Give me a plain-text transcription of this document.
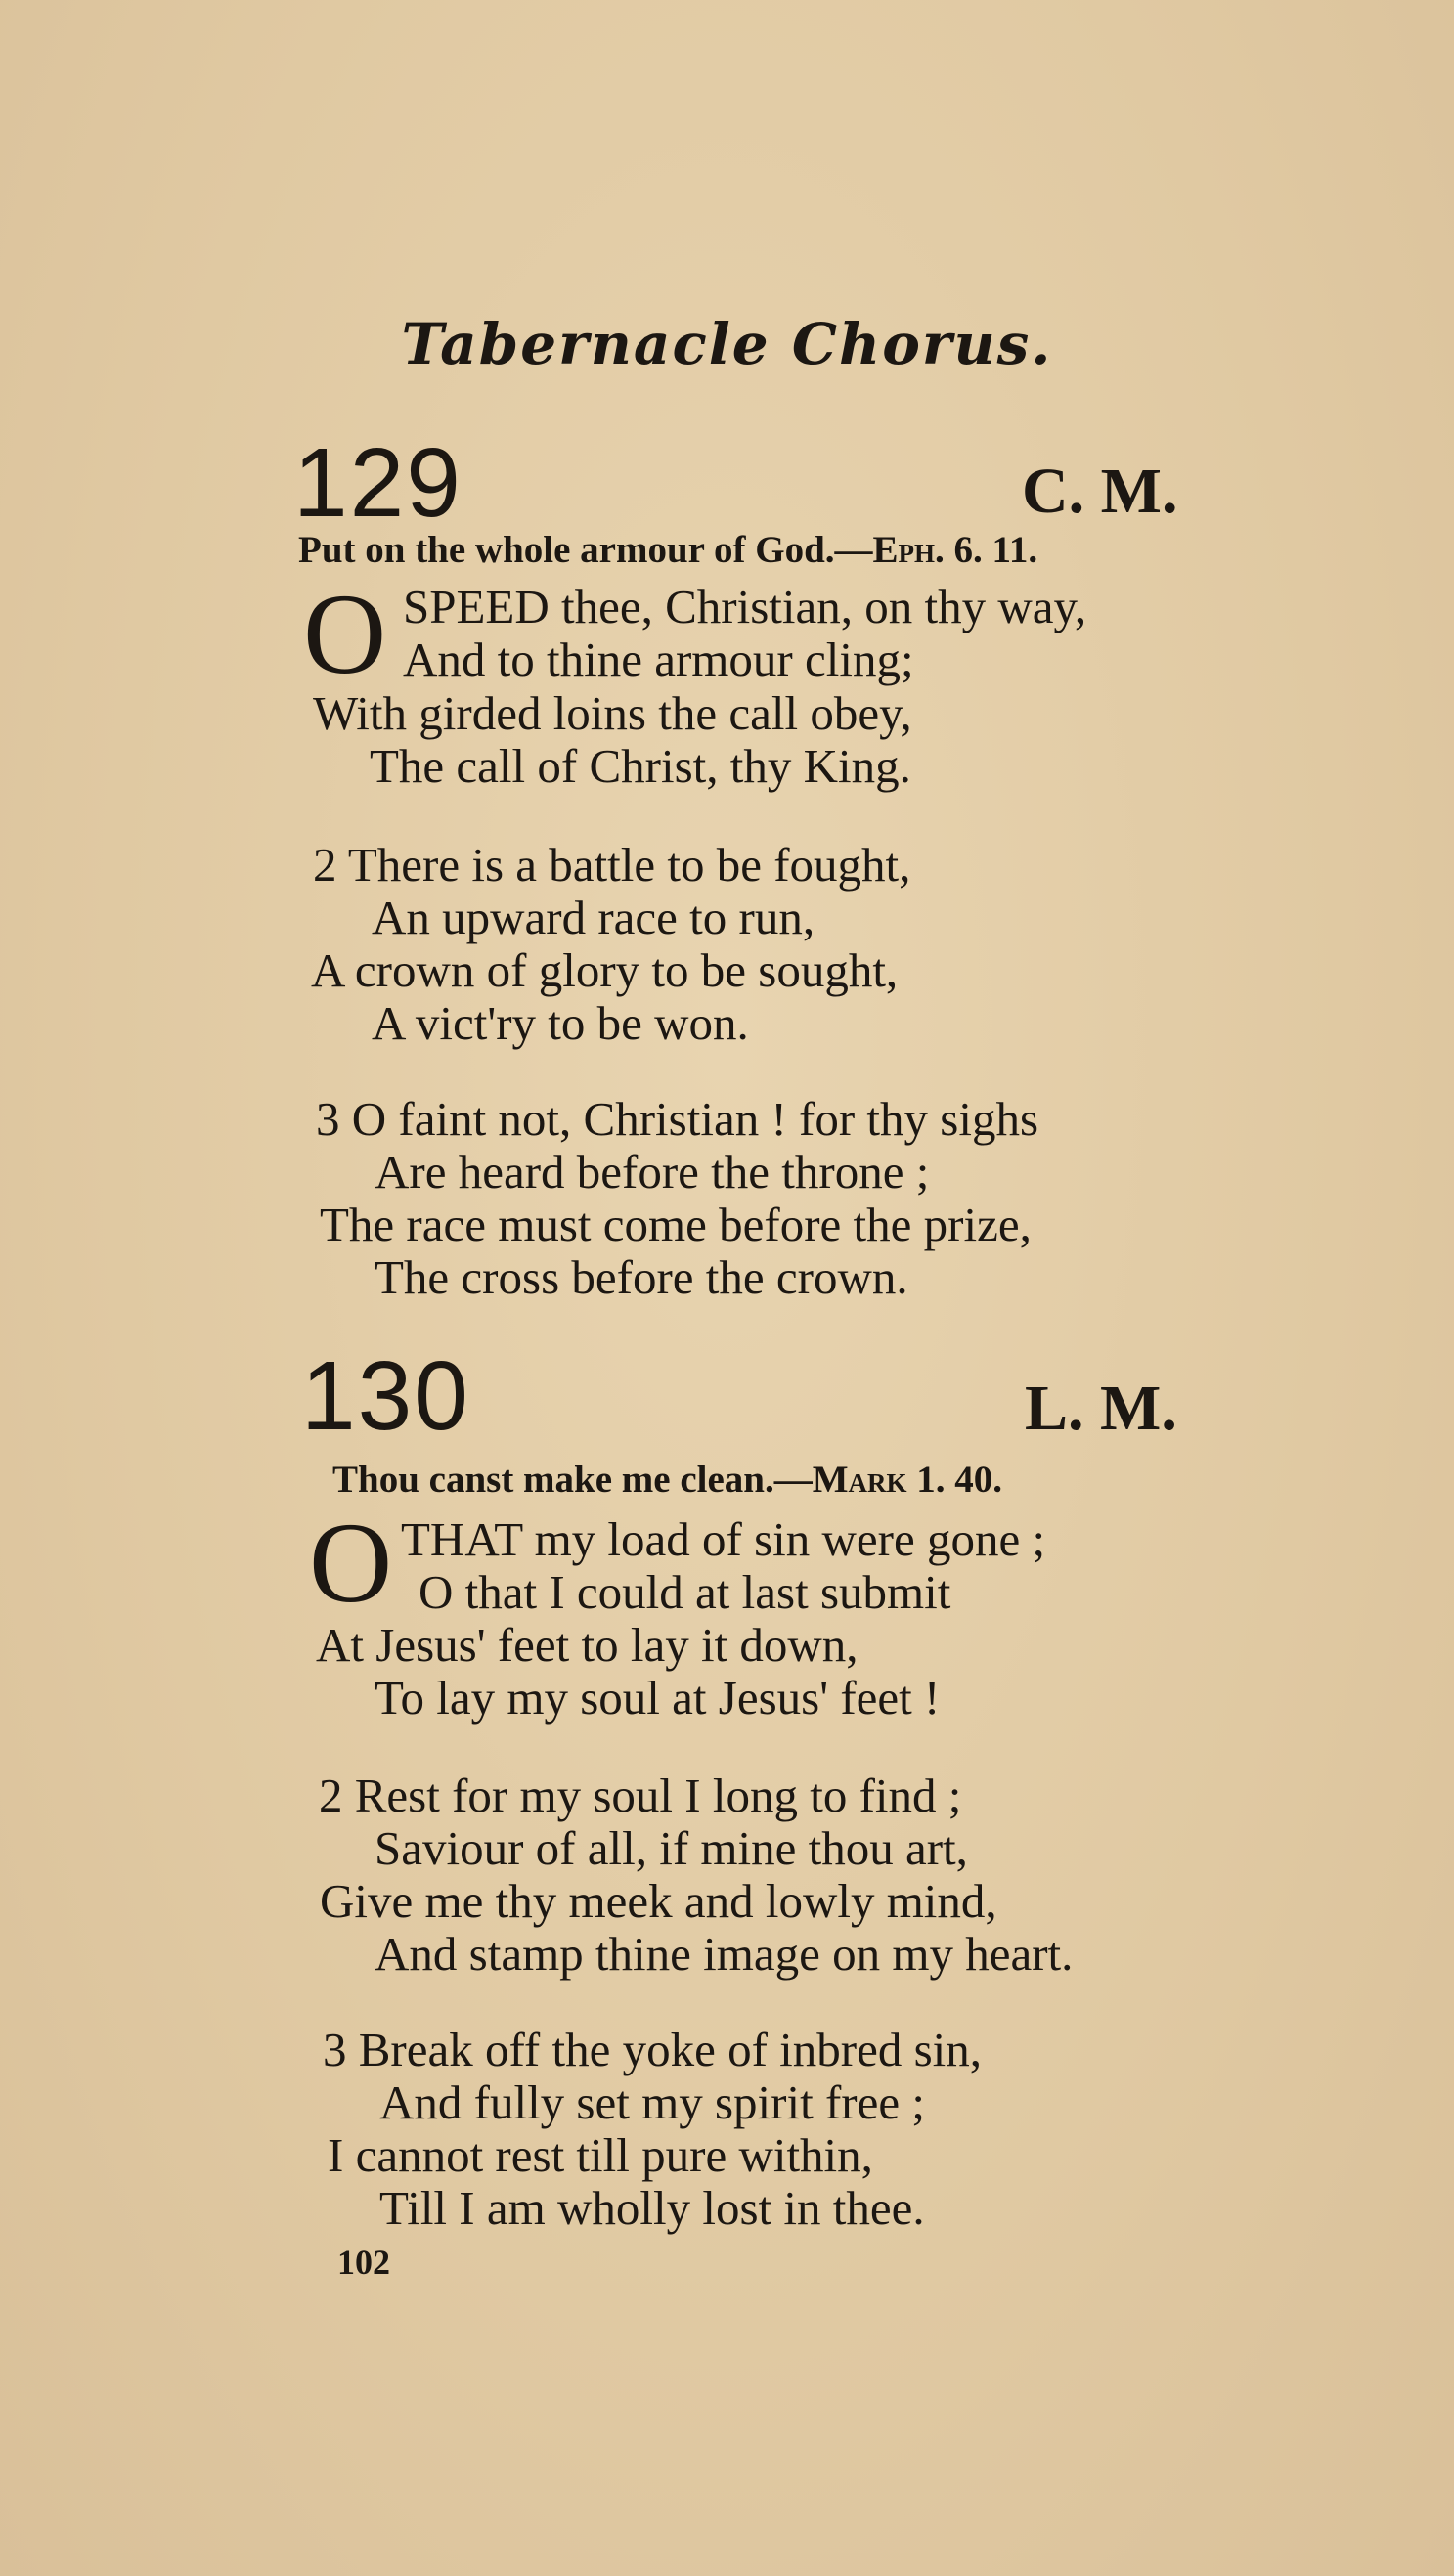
Tabernacle Chorus.
129	C. M.
Put on the whole armour of God.—Eph. 6. 11.
O SPEED thee, Christian, on thy way,
And to thine armour cling;
With girded loins the call obey,
The call of Christ, thy King.
2 There is a battle to be fought,
An upward race to run,
A crown of glory to be sought,
A vict'ry to be won.
3 O faint not, Christian ! for thy sighs
Are heard before the throne ;
The race must come before the prize,
The cross before the crown.
130	L. M.
Thou canst make me clean.—Mark 1. 40.
O THAT my load of sin were gone ;
O that I could at last submit
At Jesus' feet to lay it down,
To lay my soul at Jesus' feet !
2 Rest for my soul I long to find ;
Saviour of all, if mine thou art,
Give me thy meek and lowly mind,
And stamp thine image on my heart.
3 Break off the yoke of inbred sin,
And fully set my spirit free ;
I cannot rest till pure within,
Till I am wholly lost in thee.
102
